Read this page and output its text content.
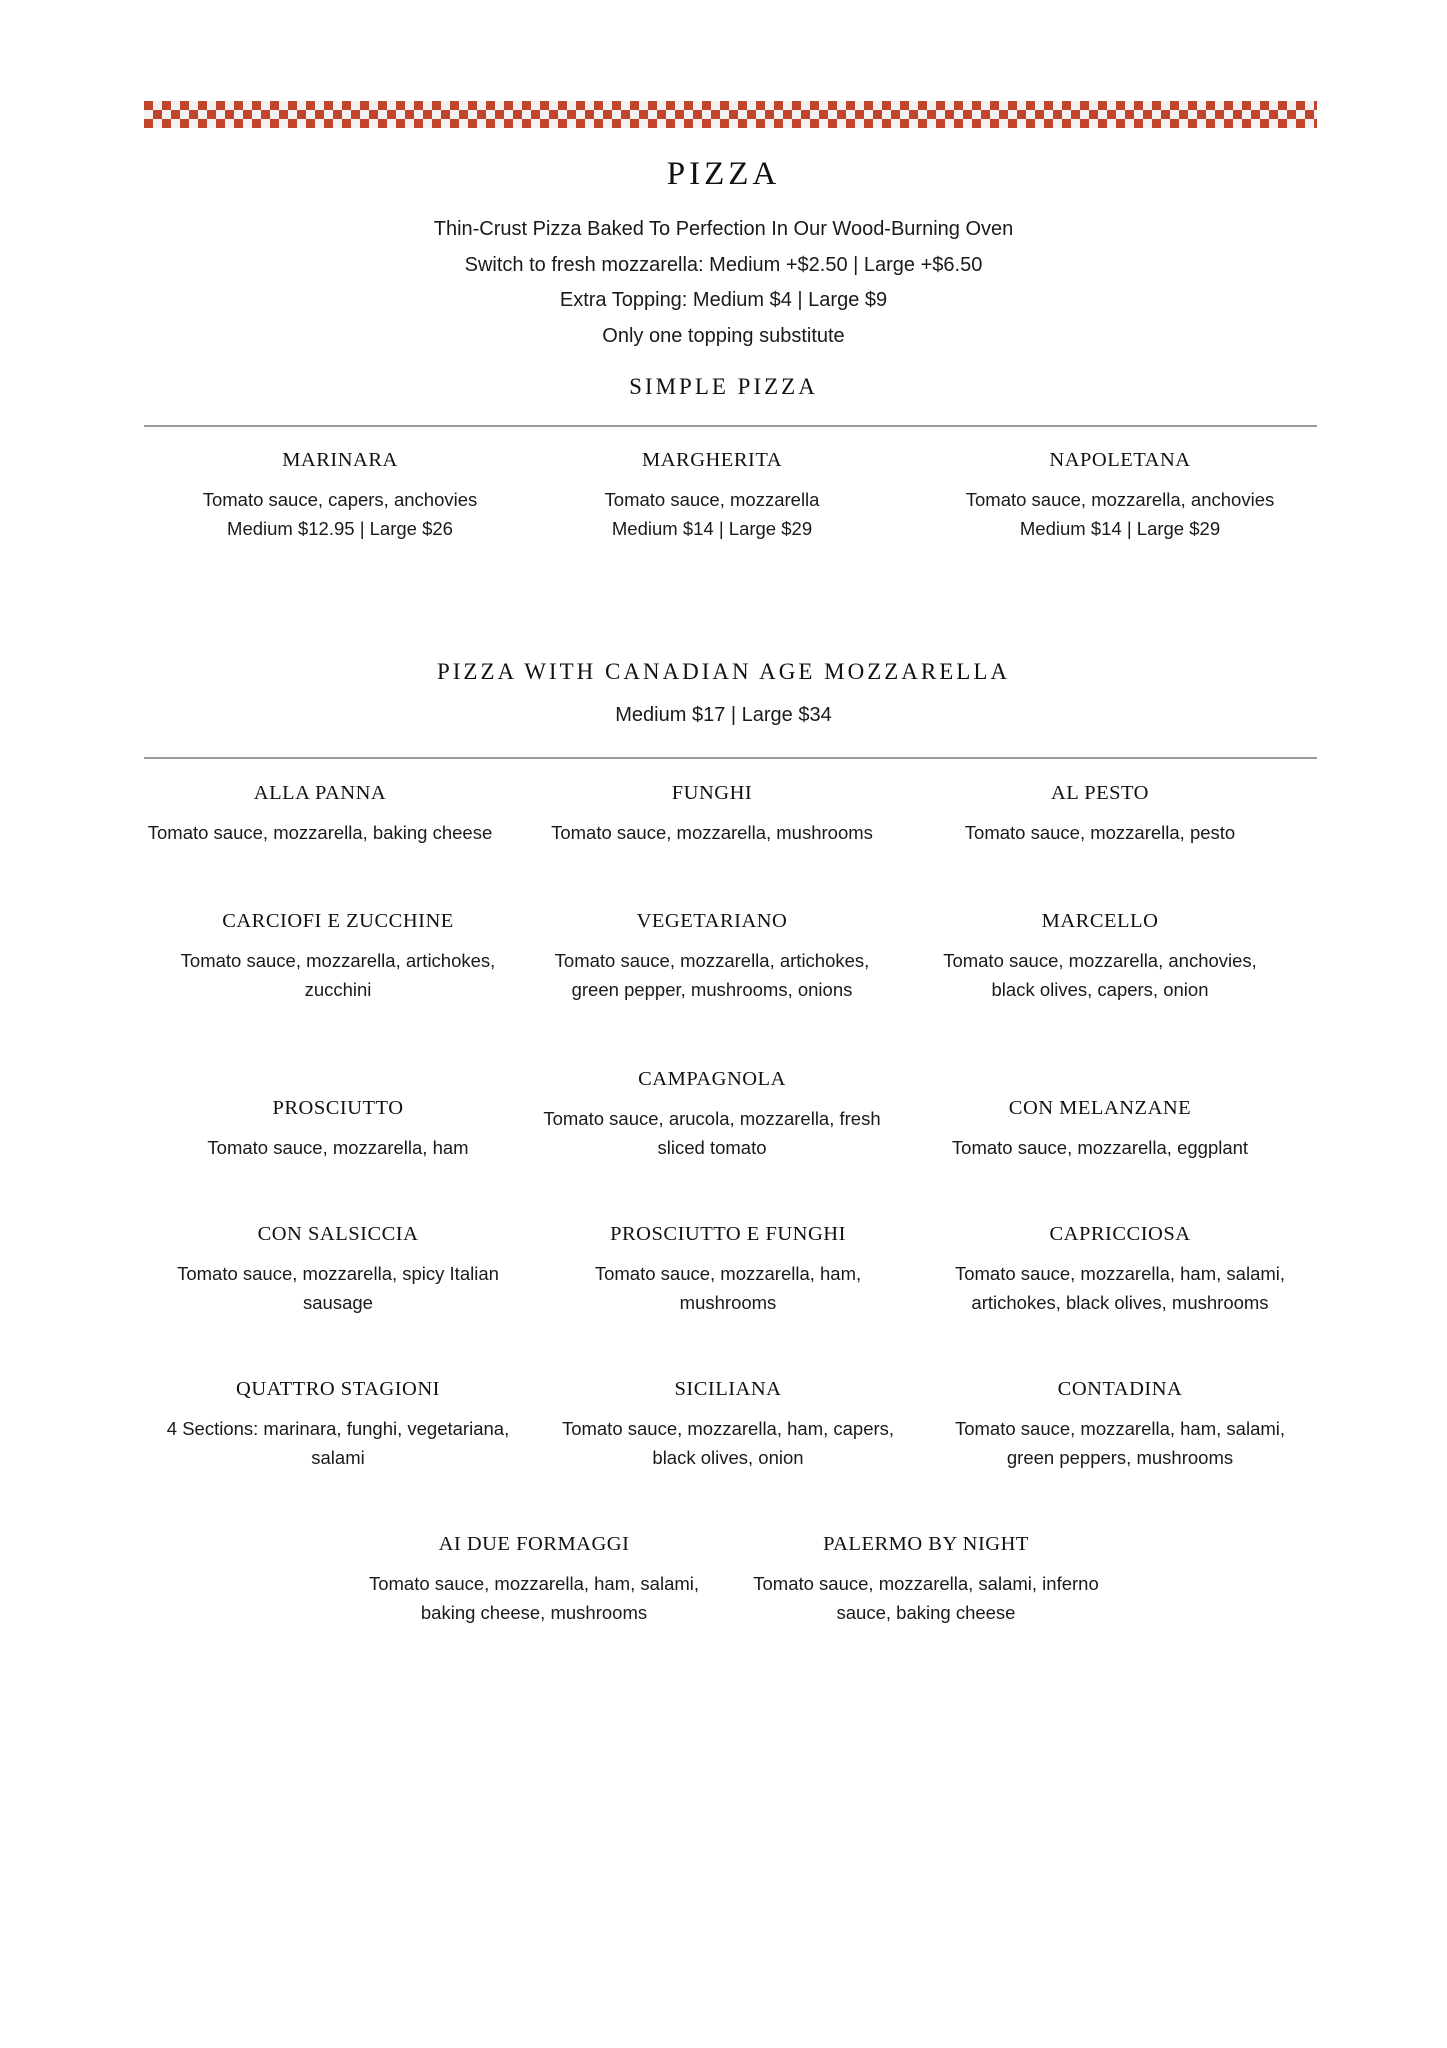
PIZZA
Thin-Crust Pizza Baked To Perfection In Our Wood-Burning Oven
Switch to fresh mozzarella: Medium +$2.50 | Large +$6.50
Extra Topping: Medium $4 | Large $9
Only one topping substitute
SIMPLE PIZZA
MARINARA
Tomato sauce, capers, anchovies
Medium $12.95 | Large $26
MARGHERITA
Tomato sauce, mozzarella
Medium $14 | Large $29
NAPOLETANA
Tomato sauce, mozzarella, anchovies
Medium $14 | Large $29
PIZZA WITH CANADIAN AGE MOZZARELLA
Medium $17 | Large $34
ALLA PANNA
Tomato sauce, mozzarella, baking cheese
FUNGHI
Tomato sauce, mozzarella, mushrooms
AL PESTO
Tomato sauce, mozzarella, pesto
CARCIOFI E ZUCCHINE
Tomato sauce, mozzarella, artichokes,
zucchini
VEGETARIANO
Tomato sauce, mozzarella, artichokes,
green pepper, mushrooms, onions
MARCELLO
Tomato sauce, mozzarella, anchovies,
black olives, capers, onion
PROSCIUTTO
Tomato sauce, mozzarella, ham
CAMPAGNOLA
Tomato sauce, arucola, mozzarella, fresh
sliced tomato
CON MELANZANE
Tomato sauce, mozzarella, eggplant
CON SALSICCIA
Tomato sauce, mozzarella, spicy Italian
sausage
PROSCIUTTO E FUNGHI
Tomato sauce, mozzarella, ham,
mushrooms
CAPRICCIOSA
Tomato sauce, mozzarella, ham, salami,
artichokes, black olives, mushrooms
QUATTRO STAGIONI
4 Sections: marinara, funghi, vegetariana,
salami
SICILIANA
Tomato sauce, mozzarella, ham, capers,
black olives, onion
CONTADINA
Tomato sauce, mozzarella, ham, salami,
green peppers, mushrooms
AI DUE FORMAGGI
Tomato sauce, mozzarella, ham, salami,
baking cheese, mushrooms
PALERMO BY NIGHT
Tomato sauce, mozzarella, salami, inferno
sauce, baking cheese
